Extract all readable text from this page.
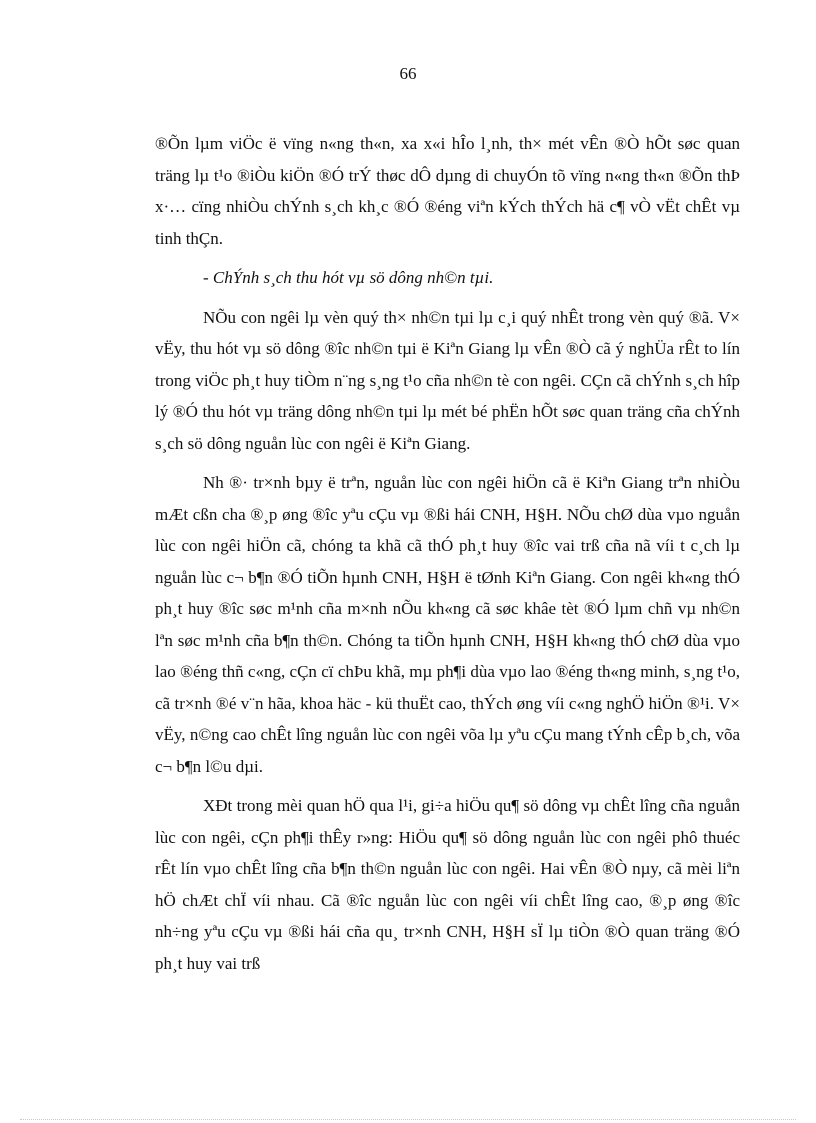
66

®Õn lµm viÖc ë vïng n«ng th«n, xa x«i hÎo l¸nh, th× mét vÊn ®Ò hÕt søc quan träng lµ t¹o ®iÒu kiÖn ®Ó trÝ thøc dÔ dµng di chuyÓn tõ vïng n«ng th«n ®Õn thÞ x·… cïng nhiÒu chÝnh s¸ch kh¸c ®Ó ®éng viªn kÝch thÝch hä c¶ vÒ vËt chÊt vµ tinh thÇn.

- ChÝnh s¸ch thu hót vµ sö dông nh©n tµi.

NÕu con ngêi lµ vèn quý th× nh©n tµi lµ c¸i quý nhÊt trong vèn quý ®ã. V× vËy, thu hót vµ sö dông ®îc nh©n tµi ë Kiªn Giang lµ vÊn ®Ò cã ý nghÜa rÊt to lín trong viÖc ph¸t huy tiÒm n¨ng s¸ng t¹o cña nh©n tè con ngêi. CÇn cã chÝnh s¸ch hîp lý ®Ó thu hót vµ träng dông nh©n tµi lµ mét bé phËn hÕt søc quan träng cña chÝnh s¸ch sö dông nguån lùc con ngêi ë Kiªn Giang.

Nh ®· tr×nh bµy ë trªn, nguån lùc con ngêi hiÖn cã ë Kiªn Giang trªn nhiÒu mÆt cßn cha ®¸p øng ®îc yªu cÇu vµ ®ßi hái CNH, H§H. NÕu chØ dùa vµo nguån lùc con ngêi hiÖn cã, chóng ta khã cã thÓ ph¸t huy ®îc vai trß cña nã víi t c¸ch lµ nguån lùc c¬ b¶n ®Ó tiÕn hµnh CNH, H§H ë tØnh Kiªn Giang. Con ngêi kh«ng thÓ ph¸t huy ®îc søc m¹nh cña m×nh nÕu kh«ng cã søc khâe tèt ®Ó lµm chñ vµ nh©n lªn søc m¹nh cña b¶n th©n. Chóng ta tiÕn hµnh CNH, H§H kh«ng thÓ chØ dùa vµo lao ®éng thñ c«ng, cÇn cï chÞu khã, mµ ph¶i dùa vµo lao ®éng th«ng minh, s¸ng t¹o, cã tr×nh ®é v¨n hãa, khoa häc - kü thuËt cao, thÝch øng víi c«ng nghÖ hiÖn ®¹i. V× vËy, n©ng cao chÊt lîng nguån lùc con ngêi võa lµ yªu cÇu mang tÝnh cÊp b¸ch, võa c¬ b¶n l©u dµi.

XÐt trong mèi quan hÖ qua l¹i, gi÷a hiÖu qu¶ sö dông vµ chÊt lîng cña nguån lùc con ngêi, cÇn ph¶i thÊy r»ng: HiÖu qu¶ sö dông nguån lùc con ngêi phô thuéc rÊt lín vµo chÊt lîng cña b¶n th©n nguån lùc con ngêi. Hai vÊn ®Ò nµy, cã mèi liªn hÖ chÆt chÏ víi nhau. Cã ®îc nguån lùc con ngêi víi chÊt lîng cao, ®¸p øng ®îc nh÷ng yªu cÇu vµ ®ßi hái cña qu¸ tr×nh CNH, H§H sÏ lµ tiÒn ®Ò quan träng ®Ó ph¸t huy vai trß
